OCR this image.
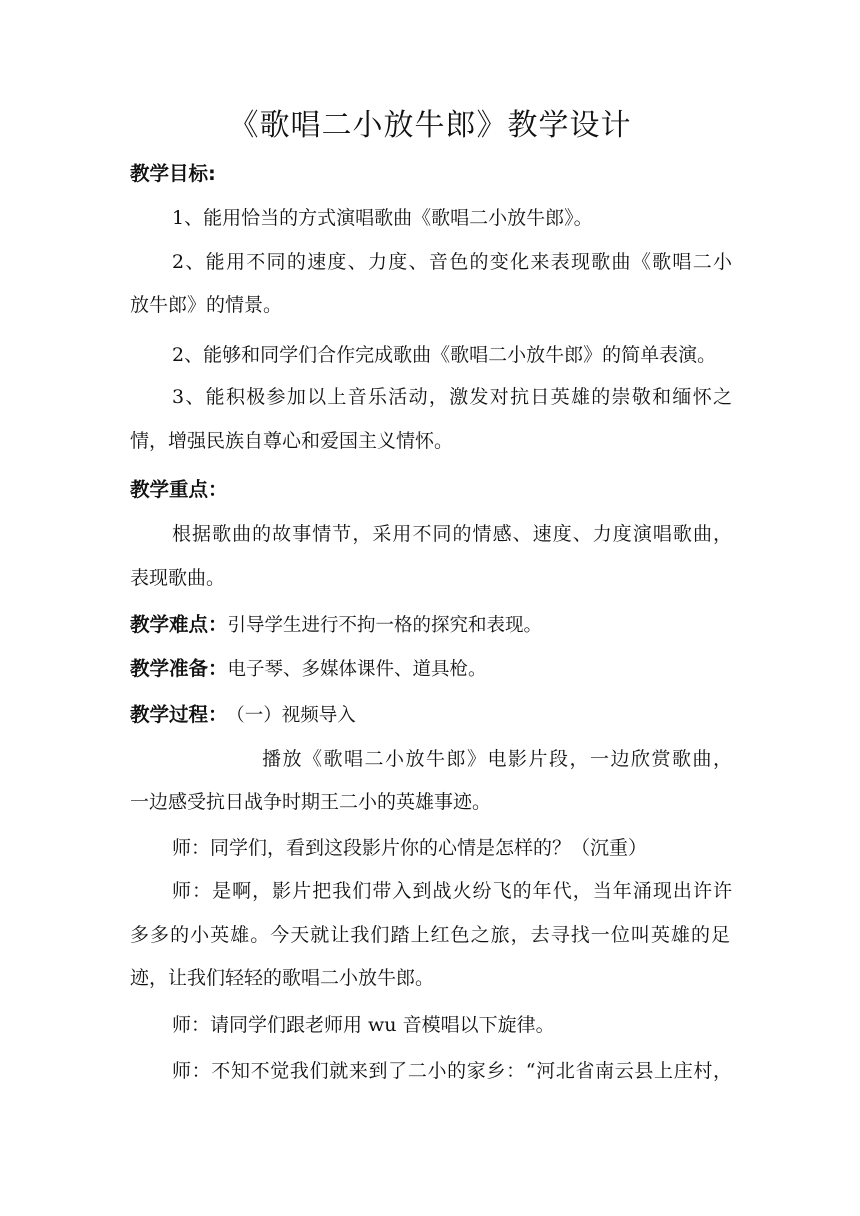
《歌唱二小放牛郎》教学设计
教学目标:
1、能用恰当的方式演唱歌曲《歌唱二小放牛郎》。
2、能用不同的速度、力度、音色的变化来表现歌曲《歌唱二小
放牛郎》的情景。
2、能够和同学们合作完成歌曲《歌唱二小放牛郎》的简单表演。
3、能积极参加以上音乐活动，激发对抗日英雄的崇敬和缅怀之
情，增强民族自尊心和爱国主义情怀。
教学重点：
根据歌曲的故事情节，采用不同的情感、速度、力度演唱歌曲，
表现歌曲。
教学难点：引导学生进行不拘一格的探究和表现。
教学准备：电子琴、多媒体课件、道具枪。
教学过程： （一）视频导入
播放《歌唱二小放牛郎》电影片段，一边欣赏歌曲，
一边感受抗日战争时期王二小的英雄事迹。
师：同学们，看到这段影片你的心情是怎样的？（沉重）
师：是啊，影片把我们带入到战火纷飞的年代，当年涌现出许许
多多的小英雄。今天就让我们踏上红色之旅，去寻找一位叫英雄的足
迹，让我们轻轻的歌唱二小放牛郎。
师：请同学们跟老师用 wu 音模唱以下旋律。
师：不知不觉我们就来到了二小的家乡：“河北省南云县上庄村，
